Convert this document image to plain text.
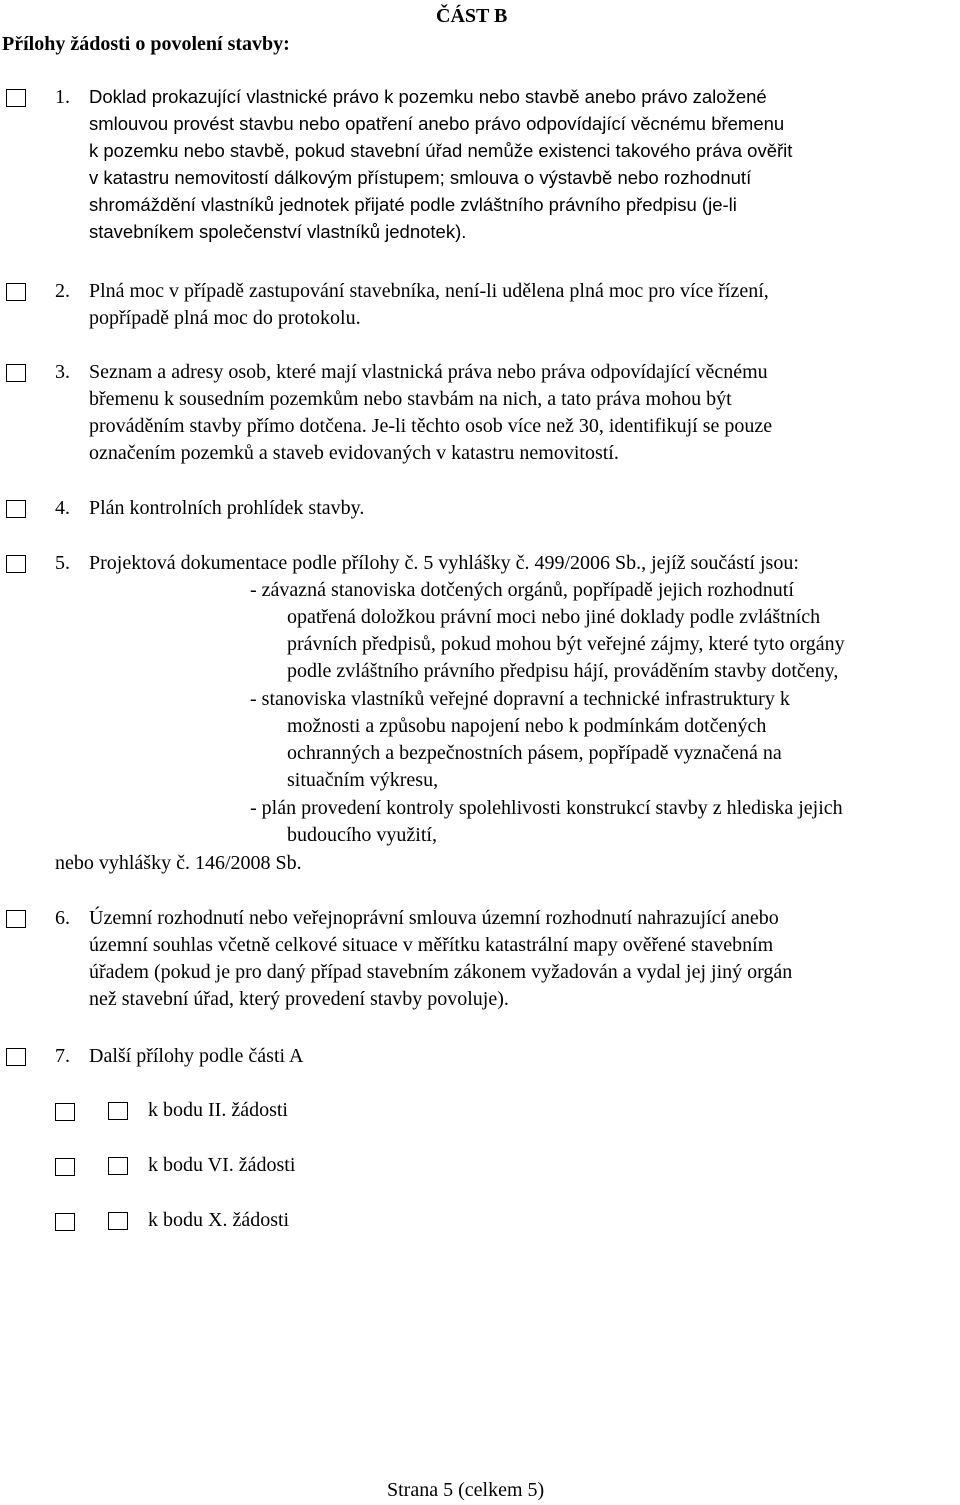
Přílohy žádosti o povolení stavby:
ČÁST B
1. Doklad prokazující vlastnické právo k pozemku nebo stavbě anebo právo založené
smlouvou provést stavbu nebo opatření anebo právo odpovídající věcnému břemenu
k pozemku nebo stavbě, pokud stavební úřad nemůže existenci takového práva ověřit
v katastru nemovitostí dálkovým přístupem; smlouva o výstavbě nebo rozhodnutí
shromáždění vlastníků jednotek přijaté podle zvláštního právního předpisu (je-li
stavebníkem společenství vlastníků jednotek).
2. Plná moc v případě zastupování stavebníka, není-li udělena plná moc pro více řízení,
popřípadě plná moc do protokolu.
3. Seznam a adresy osob, které mají vlastnická práva nebo práva odpovídající věcnému
břemenu k sousedním pozemkům nebo stavbám na nich, a tato práva mohou být
prováděním stavby přímo dotčena. Je-li těchto osob více než 30, identifikují se pouze
označením pozemků a staveb evidovaných v katastru nemovitostí.
4. Plán kontrolních prohlídek stavby.
5. Projektová dokumentace podle přílohy č. 5 vyhlášky č. 499/2006 Sb., jejíž součástí jsou:
- závazná stanoviska dotčených orgánů, popřípadě jejich rozhodnutí
opatřená doložkou právní moci nebo jiné doklady podle zvláštních
právních předpisů, pokud mohou být veřejné zájmy, které tyto orgány
podle zvláštního právního předpisu hájí, prováděním stavby dotčeny,
- stanoviska vlastníků veřejné dopravní a technické infrastruktury k
možnosti a způsobu napojení nebo k podmínkám dotčených
ochranných a bezpečnostních pásem, popřípadě vyznačená na
situačním výkresu,
- plán provedení kontroly spolehlivosti konstrukcí stavby z hlediska jejich
budoucího využití,
nebo vyhlášky č. 146/2008 Sb.
6. Územní rozhodnutí nebo veřejnoprávní smlouva územní rozhodnutí nahrazující anebo
územní souhlas včetně celkové situace v měřítku katastrální mapy ověřené stavebním
úřadem (pokud je pro daný případ stavebním zákonem vyžadován a vydal jej jiný orgán
než stavební úřad, který provedení stavby povoluje).
7. Další přílohy podle části A
k bodu II. žádosti
k bodu VI. žádosti
k bodu X. žádosti
Strana 5 (celkem 5)
